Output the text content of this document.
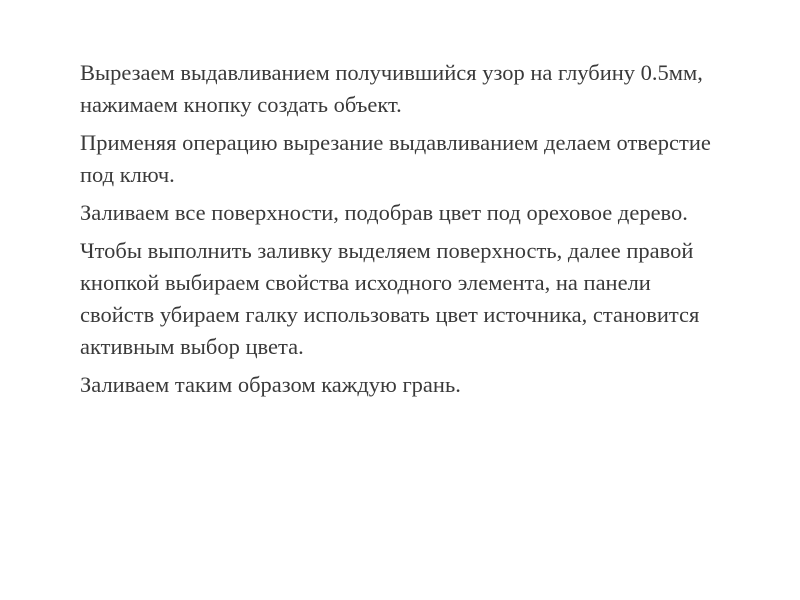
Вырезаем выдавливанием получившийся узор на глубину 0.5мм, нажимаем кнопку создать объект.

Применяя операцию вырезание выдавливанием делаем отверстие под ключ.

Заливаем все поверхности, подобрав цвет под ореховое дерево.

Чтобы выполнить заливку выделяем поверхность, далее правой кнопкой выбираем свойства исходного элемента, на панели свойств убираем галку использовать цвет источника, становится активным выбор цвета.

Заливаем таким образом каждую грань.
